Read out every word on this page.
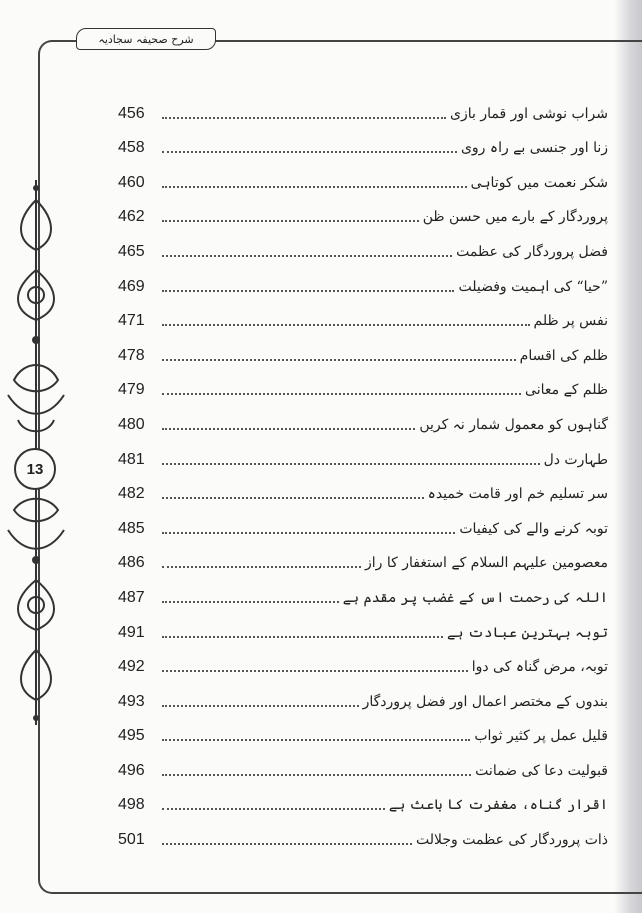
شرح صحیفہ سجادیہ
13
شراب نوشی اور قمار بازی
456
زنا اور جنسی بے راہ روی
458
شکر نعمت میں کوتاہی
460
پروردگار کے بارے میں حسن ظن
462
فضل پروردگار کی عظمت
465
”حیا“ کی اہمیت وفضیلت
469
نفس پر ظلم
471
ظلم کی اقسام
478
ظلم کے معانی
479
گناہوں کو معمول شمار نہ کریں
480
طہارت دل
481
سر تسلیم خم اور قامت خمیدہ
482
توبہ کرنے والے کی کیفیات
485
معصومین علیہم السلام کے استغفار کا راز
486
اللہ کی رحمت اس کے غضب پر مقدم ہے
487
توبہ بہترین عبادت ہے
491
توبہ، مرض گناہ کی دوا
492
بندوں کے مختصر اعمال اور فضل پروردگار
493
قلیل عمل پر کثیر ثواب
495
قبولیت دعا کی ضمانت
496
اقرار گناہ، مغفرت کا باعث ہے
498
ذات پروردگار کی عظمت وجلالت
501
